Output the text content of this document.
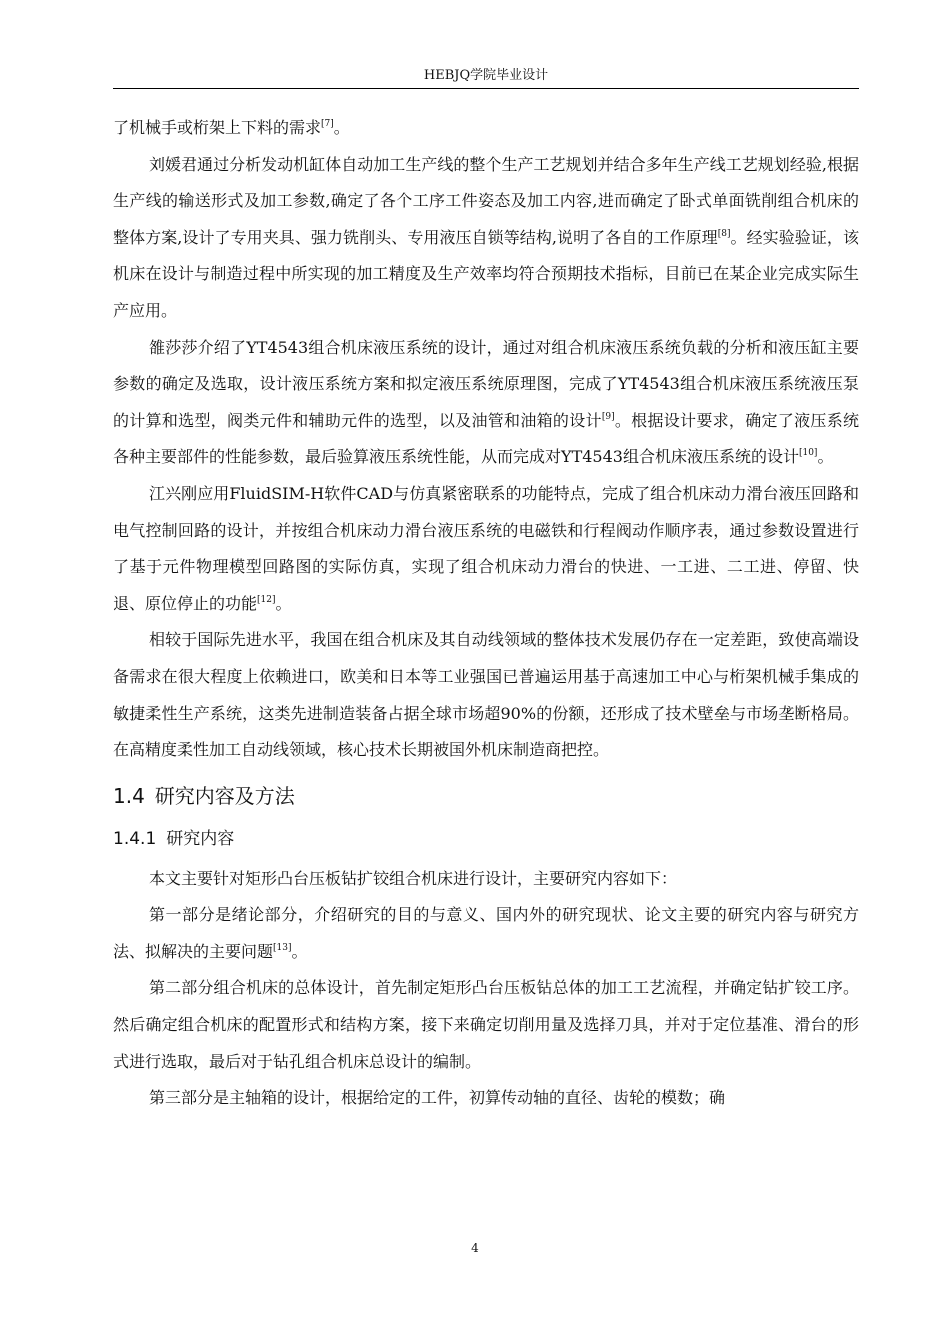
HEBJQ学院毕业设计

了机械手或桁架上下料的需求[7]。

刘媛君通过分析发动机缸体自动加工生产线的整个生产工艺规划并结合多年生产线工艺规划经验,根据生产线的输送形式及加工参数,确定了各个工序工件姿态及加工内容,进而确定了卧式单面铣削组合机床的整体方案,设计了专用夹具、强力铣削头、专用液压自锁等结构,说明了各自的工作原理[8]。经实验验证，该机床在设计与制造过程中所实现的加工精度及生产效率均符合预期技术指标，目前已在某企业完成实际生产应用。

雒莎莎介绍了YT4543组合机床液压系统的设计，通过对组合机床液压系统负载的分析和液压缸主要参数的确定及选取，设计液压系统方案和拟定液压系统原理图，完成了YT4543组合机床液压系统液压泵的计算和选型，阀类元件和辅助元件的选型，以及油管和油箱的设计[9]。根据设计要求，确定了液压系统各种主要部件的性能参数，最后验算液压系统性能，从而完成对YT4543组合机床液压系统的设计[10]。

江兴刚应用FluidSIM-H软件CAD与仿真紧密联系的功能特点，完成了组合机床动力滑台液压回路和电气控制回路的设计，并按组合机床动力滑台液压系统的电磁铁和行程阀动作顺序表，通过参数设置进行了基于元件物理模型回路图的实际仿真，实现了组合机床动力滑台的快进、一工进、二工进、停留、快退、原位停止的功能[12]。

相较于国际先进水平，我国在组合机床及其自动线领域的整体技术发展仍存在一定差距，致使高端设备需求在很大程度上依赖进口，欧美和日本等工业强国已普遍运用基于高速加工中心与桁架机械手集成的敏捷柔性生产系统，这类先进制造装备占据全球市场超90%的份额，还形成了技术壁垒与市场垄断格局。在高精度柔性加工自动线领域，核心技术长期被国外机床制造商把控。

1.4 研究内容及方法
1.4.1 研究内容

本文主要针对矩形凸台压板钻扩铰组合机床进行设计，主要研究内容如下：

第一部分是绪论部分，介绍研究的目的与意义、国内外的研究现状、论文主要的研究内容与研究方法、拟解决的主要问题[13]。

第二部分组合机床的总体设计，首先制定矩形凸台压板钻总体的加工工艺流程，并确定钻扩铰工序。然后确定组合机床的配置形式和结构方案，接下来确定切削用量及选择刀具，并对于定位基准、滑台的形式进行选取，最后对于钻孔组合机床总设计的编制。

第三部分是主轴箱的设计，根据给定的工件，初算传动轴的直径、齿轮的模数；确

4
